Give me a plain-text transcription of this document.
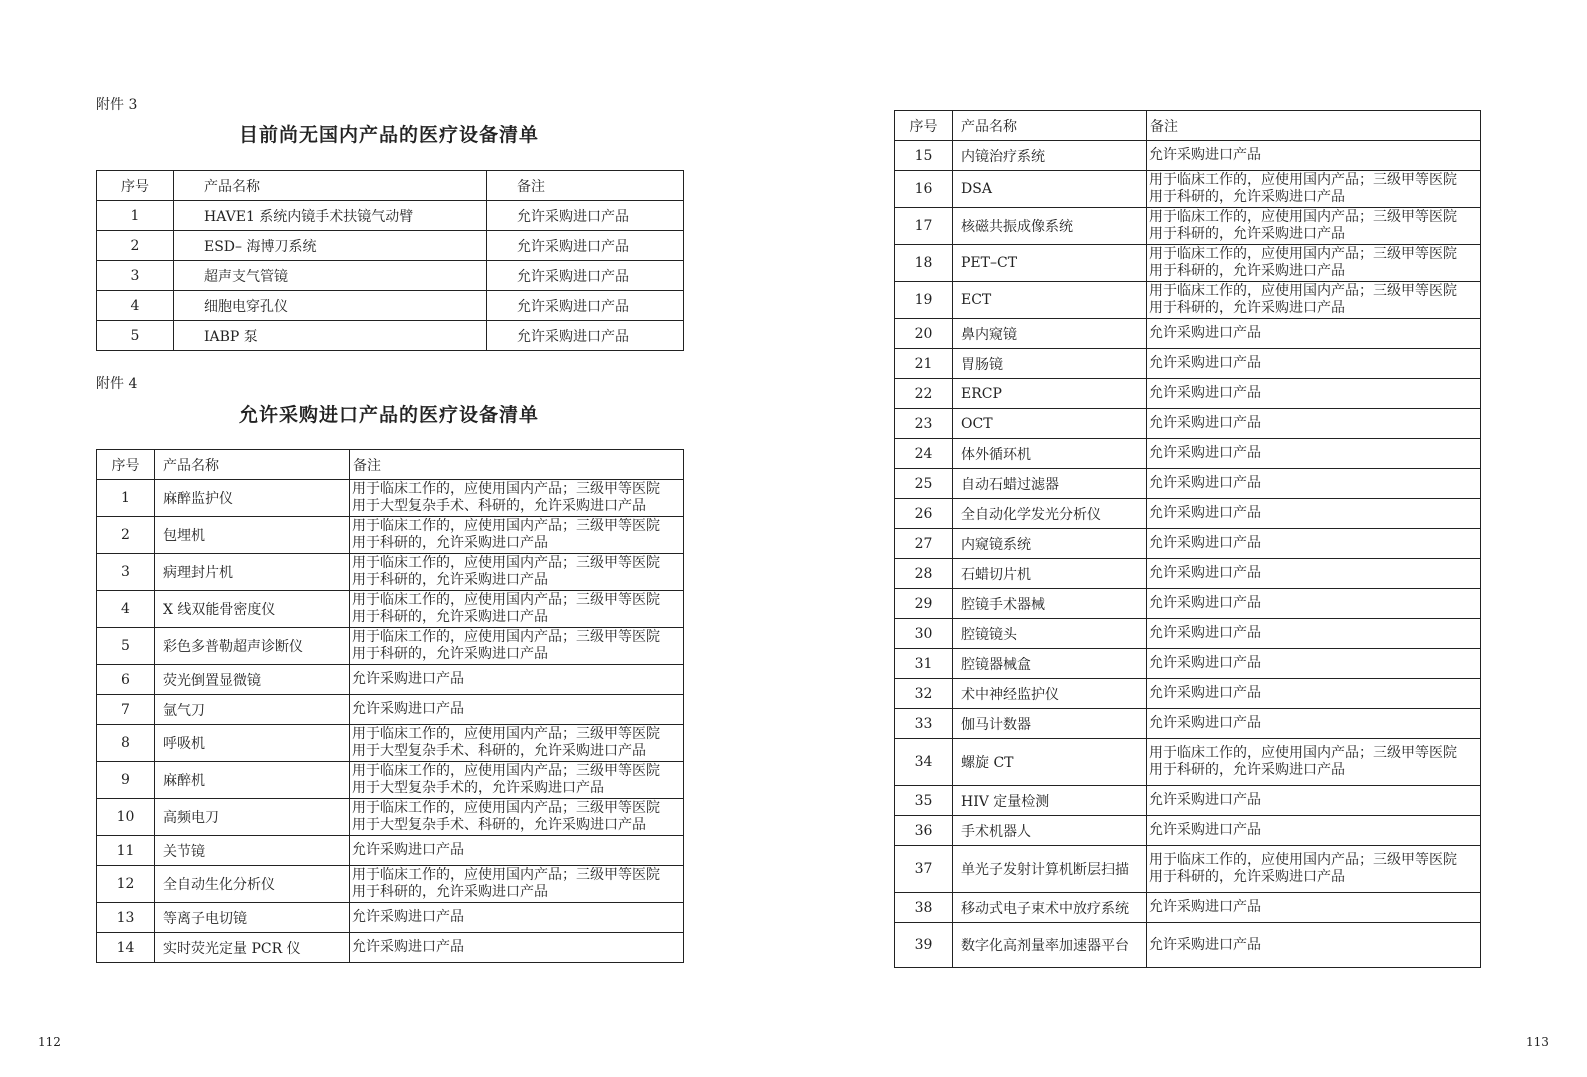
附件 3
目前尚无国内产品的医疗设备清单
序号	产品名称	备注
1	HAVE1 系统内镜手术扶镜气动臂	允许采购进口产品
2	ESD– 海博刀系统	允许采购进口产品
3	超声支气管镜	允许采购进口产品
4	细胞电穿孔仪	允许采购进口产品
5	IABP 泵	允许采购进口产品
附件 4
允许采购进口产品的医疗设备清单
序号	产品名称	备注
1	麻醉监护仪	用于临床工作的，应使用国内产品；三级甲等医院
用于大型复杂手术、科研的，允许采购进口产品

2	包埋机	用于临床工作的，应使用国内产品；三级甲等医院
用于科研的，允许采购进口产品

3	病理封片机	用于临床工作的，应使用国内产品；三级甲等医院
用于科研的，允许采购进口产品

4	X 线双能骨密度仪	用于临床工作的，应使用国内产品；三级甲等医院
用于科研的，允许采购进口产品

5	彩色多普勒超声诊断仪	用于临床工作的，应使用国内产品；三级甲等医院
用于科研的，允许采购进口产品

6	荧光倒置显微镜	允许采购进口产品

7	氩气刀	允许采购进口产品

8	呼吸机	用于临床工作的，应使用国内产品；三级甲等医院
用于大型复杂手术、科研的，允许采购进口产品

9	麻醉机	用于临床工作的，应使用国内产品；三级甲等医院
用于大型复杂手术的，允许采购进口产品

10	高频电刀	用于临床工作的，应使用国内产品；三级甲等医院
用于大型复杂手术、科研的，允许采购进口产品

11	关节镜	允许采购进口产品

12	全自动生化分析仪	用于临床工作的，应使用国内产品；三级甲等医院
用于科研的，允许采购进口产品

13	等离子电切镜	允许采购进口产品

14	实时荧光定量 PCR 仪	允许采购进口产品
112
序号	产品名称	备注
15	内镜治疗系统	允许采购进口产品

16	DSA	用于临床工作的，应使用国内产品；三级甲等医院
用于科研的，允许采购进口产品

17	核磁共振成像系统	用于临床工作的，应使用国内产品；三级甲等医院
用于科研的，允许采购进口产品

18	PET–CT	用于临床工作的，应使用国内产品；三级甲等医院
用于科研的，允许采购进口产品

19	ECT	用于临床工作的，应使用国内产品；三级甲等医院
用于科研的，允许采购进口产品

20	鼻内窥镜	允许采购进口产品

21	胃肠镜	允许采购进口产品

22	ERCP	允许采购进口产品

23	OCT	允许采购进口产品

24	体外循环机	允许采购进口产品

25	自动石蜡过滤器	允许采购进口产品

26	全自动化学发光分析仪	允许采购进口产品

27	内窥镜系统	允许采购进口产品

28	石蜡切片机	允许采购进口产品

29	腔镜手术器械	允许采购进口产品

30	腔镜镜头	允许采购进口产品

31	腔镜器械盒	允许采购进口产品

32	术中神经监护仪	允许采购进口产品

33	伽马计数器	允许采购进口产品

34	螺旋 CT	用于临床工作的，应使用国内产品；三级甲等医院
用于科研的，允许采购进口产品

35	HIV 定量检测	允许采购进口产品

36	手术机器人	允许采购进口产品

37	单光子发射计算机断层扫描	用于临床工作的，应使用国内产品；三级甲等医院
用于科研的，允许采购进口产品

38	移动式电子束术中放疗系统	允许采购进口产品

39	数字化高剂量率加速器平台	允许采购进口产品
113
